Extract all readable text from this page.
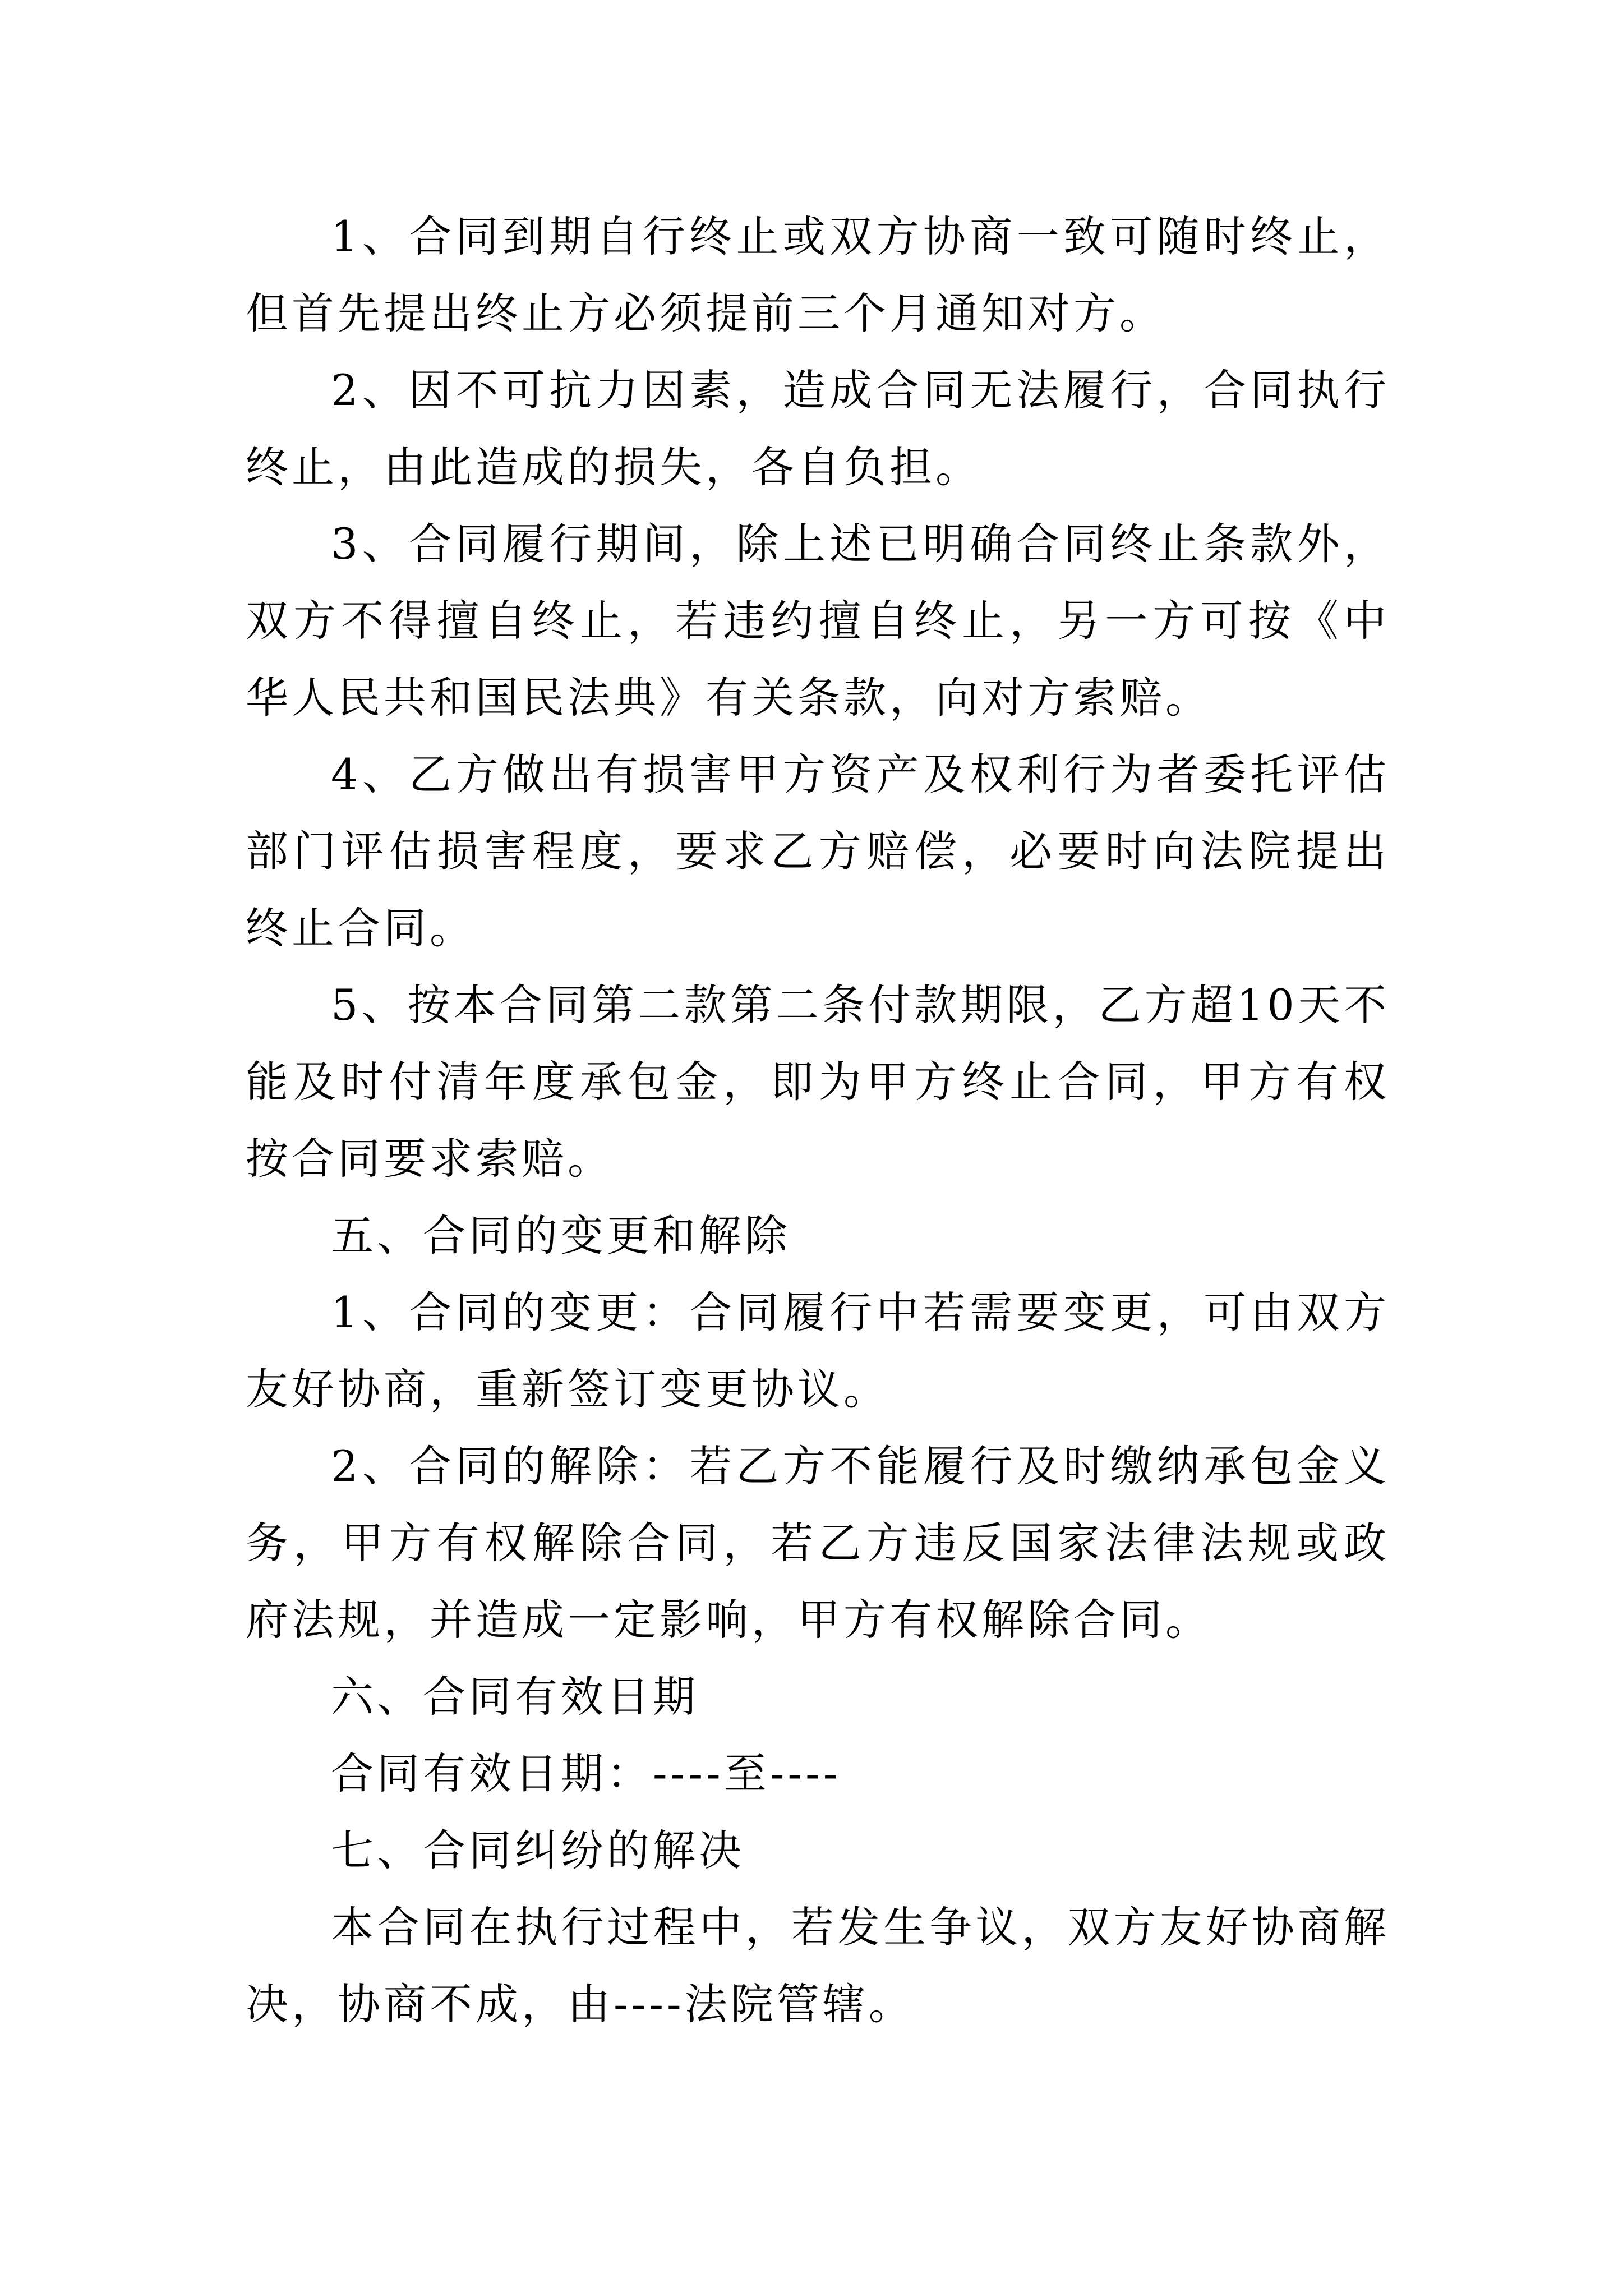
1、合同到期自行终止或双方协商一致可随时终止，但首先提出终止方必须提前三个月通知对方。

2、因不可抗力因素，造成合同无法履行，合同执行终止，由此造成的损失，各自负担。

3、合同履行期间，除上述已明确合同终止条款外，双方不得擅自终止，若违约擅自终止，另一方可按《中华人民共和国民法典》有关条款，向对方索赔。

4、乙方做出有损害甲方资产及权利行为者委托评估部门评估损害程度，要求乙方赔偿，必要时向法院提出终止合同。

5、按本合同第二款第二条付款期限，乙方超10天不能及时付清年度承包金，即为甲方终止合同，甲方有权按合同要求索赔。

五、合同的变更和解除

1、合同的变更：合同履行中若需要变更，可由双方友好协商，重新签订变更协议。

2、合同的解除：若乙方不能履行及时缴纳承包金义务，甲方有权解除合同，若乙方违反国家法律法规或政府法规，并造成一定影响，甲方有权解除合同。

六、合同有效日期

合同有效日期：----至----

七、合同纠纷的解决

本合同在执行过程中，若发生争议，双方友好协商解决，协商不成，由----法院管辖。
